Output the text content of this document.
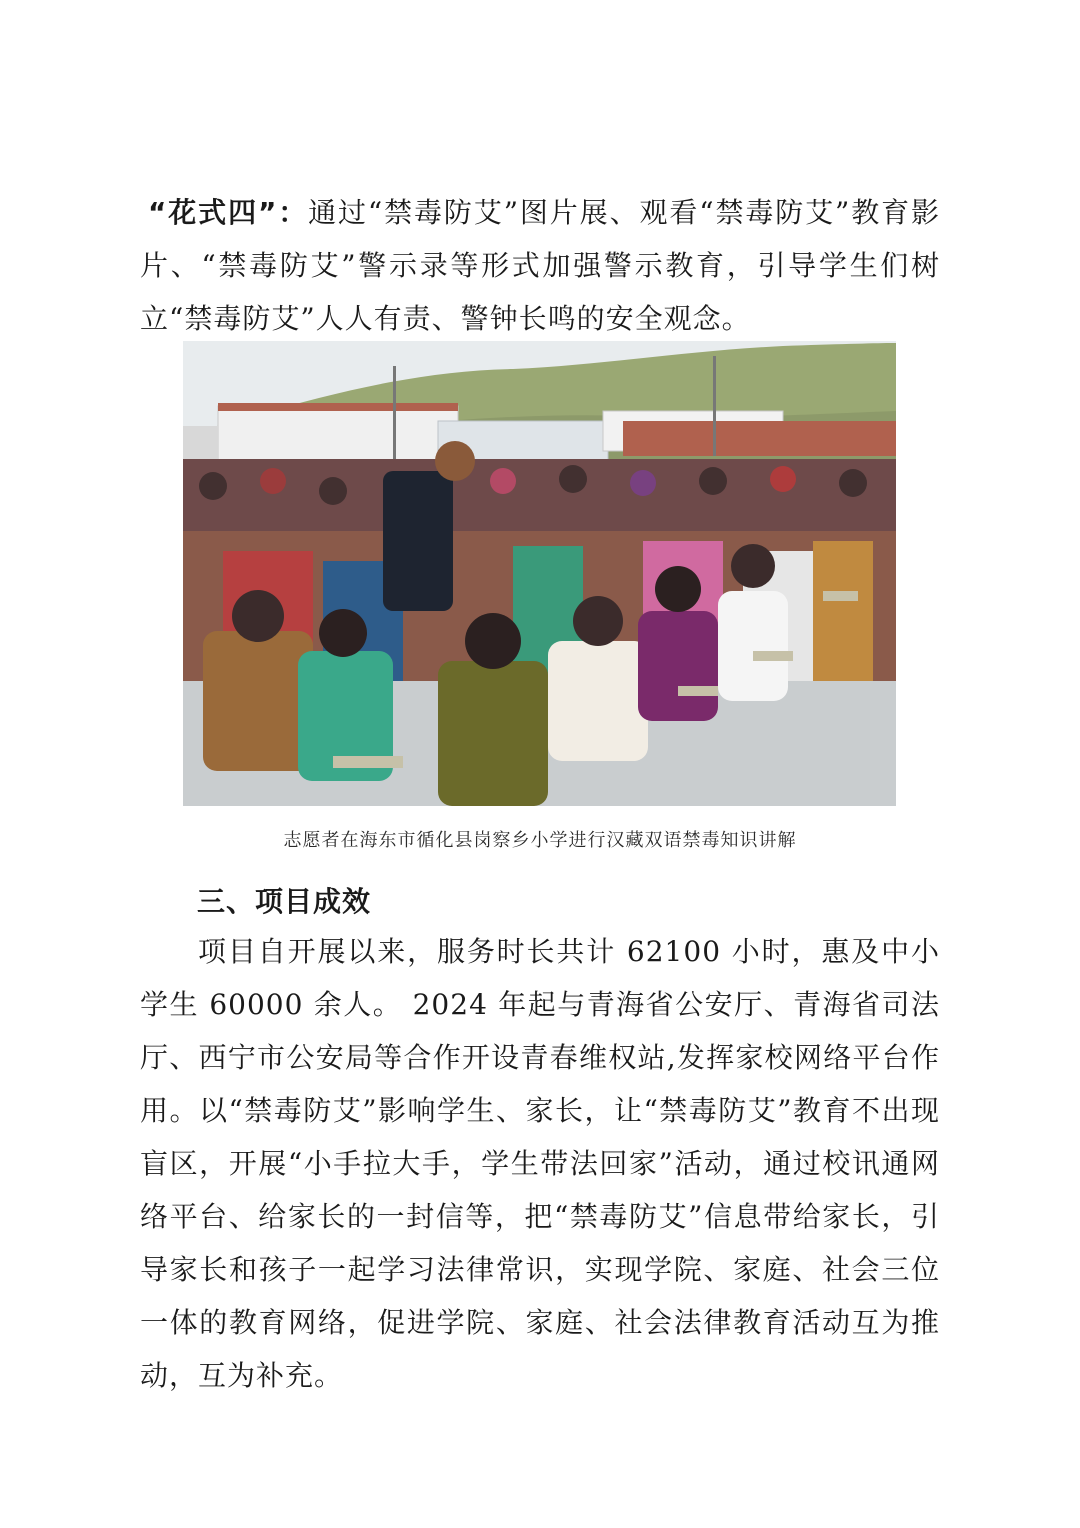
“花式四”：通过“禁毒防艾”图片展、观看“禁毒防艾”教育影片、“禁毒防艾”警示录等形式加强警示教育，引导学生们树立“禁毒防艾”人人有责、警钟长鸣的安全观念。

志愿者在海东市循化县岗察乡小学进行汉藏双语禁毒知识讲解
三、项目成效

项目自开展以来，服务时长共计 62100 小时，惠及中小学生 60000 余人。 2024 年起与青海省公安厅、青海省司法厅、西宁市公安局等合作开设青春维权站,发挥家校网络平台作用。以“禁毒防艾”影响学生、家长，让“禁毒防艾”教育不出现盲区，开展“小手拉大手，学生带法回家”活动，通过校讯通网络平台、给家长的一封信等，把“禁毒防艾”信息带给家长，引导家长和孩子一起学习法律常识，实现学院、家庭、社会三位一体的教育网络，促进学院、家庭、社会法律教育活动互为推动，互为补充。
